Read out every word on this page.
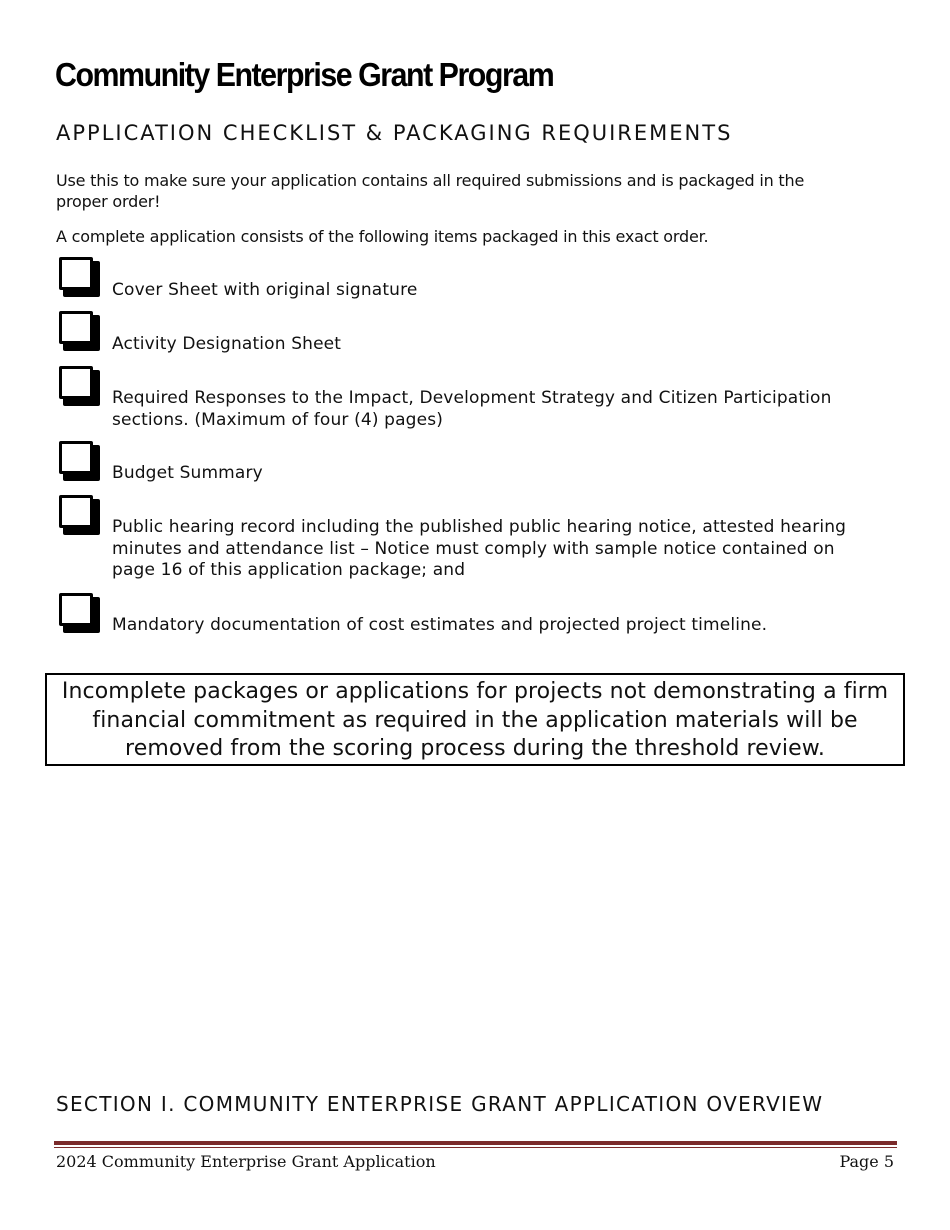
Community Enterprise Grant Program
APPLICATION CHECKLIST & PACKAGING REQUIREMENTS
Use this to make sure your application contains all required submissions and is packaged in the proper order!
A complete application consists of the following items packaged in this exact order.
Cover Sheet with original signature
Activity Designation Sheet
Required Responses to the Impact, Development Strategy and Citizen Participation sections. (Maximum of four (4) pages)
Budget Summary
Public hearing record including the published public hearing notice, attested hearing minutes and attendance list – Notice must comply with sample notice contained on page 16 of this application package; and
Mandatory documentation of cost estimates and projected project timeline.
Incomplete packages or applications for projects not demonstrating a firm financial commitment as required in the application materials will be removed from the scoring process during the threshold review.
SECTION I. COMMUNITY ENTERPRISE GRANT APPLICATION OVERVIEW
2024 Community Enterprise Grant Application	Page 5
